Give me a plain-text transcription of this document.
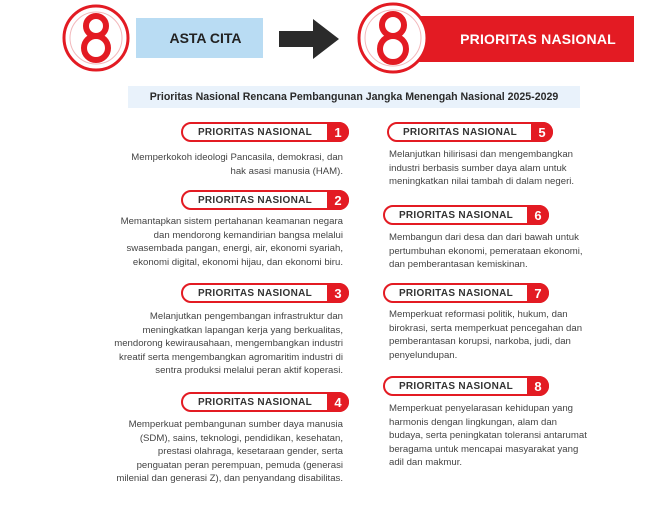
ASTA CITA	PRIORITAS NASIONAL
Prioritas Nasional Rencana Pembangunan Jangka Menengah Nasional 2025-2029
PRIORITAS NASIONAL	1
Memperkokoh ideologi Pancasila, demokrasi, dan
hak asasi manusia (HAM).
PRIORITAS NASIONAL	2
Memantapkan sistem pertahanan keamanan negara
dan mendorong kemandirian bangsa melalui
swasembada pangan, energi, air, ekonomi syariah,
ekonomi digital, ekonomi hijau, dan ekonomi biru.
PRIORITAS NASIONAL	3
Melanjutkan pengembangan infrastruktur dan
meningkatkan lapangan kerja yang berkualitas,
mendorong kewirausahaan, mengembangkan industri
kreatif serta mengembangkan agromaritim industri di
sentra produksi melalui peran aktif koperasi.
PRIORITAS NASIONAL	4
Memperkuat pembangunan sumber daya manusia
(SDM), sains, teknologi, pendidikan, kesehatan,
prestasi olahraga, kesetaraan gender, serta
penguatan peran perempuan, pemuda (generasi
milenial dan generasi Z), dan penyandang disabilitas.
PRIORITAS NASIONAL	5
Melanjutkan hilirisasi dan mengembangkan
industri berbasis sumber daya alam untuk
meningkatkan nilai tambah di dalam negeri.
PRIORITAS NASIONAL	6
Membangun dari desa dan dari bawah untuk
pertumbuhan ekonomi, pemerataan ekonomi,
dan pemberantasan kemiskinan.
PRIORITAS NASIONAL	7
Memperkuat reformasi politik, hukum, dan
birokrasi, serta memperkuat pencegahan dan
pemberantasan korupsi, narkoba, judi, dan
penyelundupan.
PRIORITAS NASIONAL	8
Memperkuat penyelarasan kehidupan yang
harmonis dengan lingkungan, alam dan
budaya, serta peningkatan toleransi antarumat
beragama untuk mencapai masyarakat yang
adil dan makmur.
